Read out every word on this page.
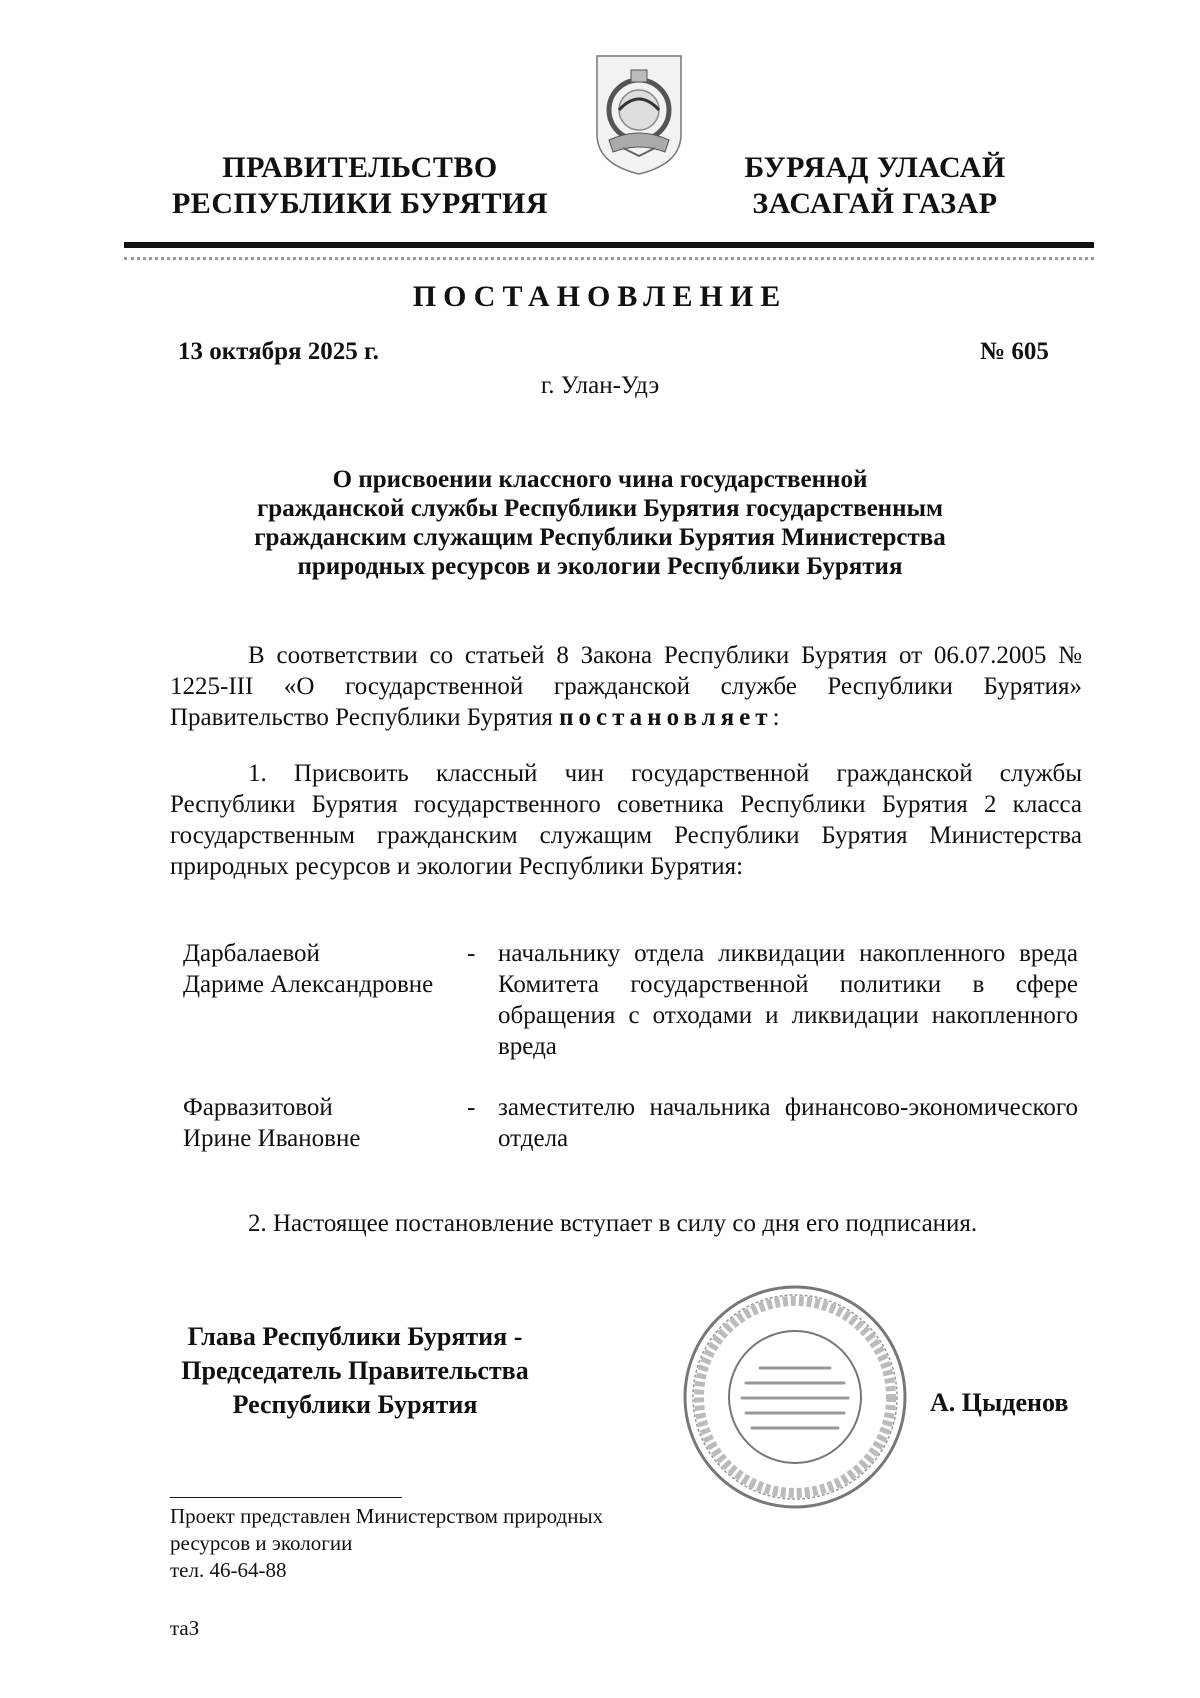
ПРАВИТЕЛЬСТВО
РЕСПУБЛИКИ БУРЯТИЯ
БУРЯАД УЛАСАЙ
ЗАСАГАЙ ГАЗАР
ПОСТАНОВЛЕНИЕ
13 октября 2025 г.	№ 605
г. Улан-Удэ
О присвоении классного чина государственной
гражданской службы Республики Бурятия государственным
гражданским служащим Республики Бурятия Министерства
природных ресурсов и экологии Республики Бурятия
В соответствии со статьей 8 Закона Республики Бурятия от 06.07.2005 № 1225-III «О государственной гражданской службе Республики Бурятия» Правительство Республики Бурятия постановляет:
1. Присвоить классный чин государственной гражданской службы Республики Бурятия государственного советника Республики Бурятия 2 класса государственным гражданским служащим Республики Бурятия Министерства природных ресурсов и экологии Республики Бурятия:
Дарбалаевой
Дариме Александровне
- начальнику отдела ликвидации накопленного вреда Комитета государственной политики в сфере обращения с отходами и ликвидации накопленного вреда
Фарвазитовой
Ирине Ивановне
- заместителю начальника финансово-экономического отдела
2. Настоящее постановление вступает в силу со дня его подписания.
Глава Республики Бурятия -
Председатель Правительства
Республики Бурятия	А. Цыденов
Проект представлен Министерством природных
ресурсов и экологии
тел. 46-64-88
таЗ
